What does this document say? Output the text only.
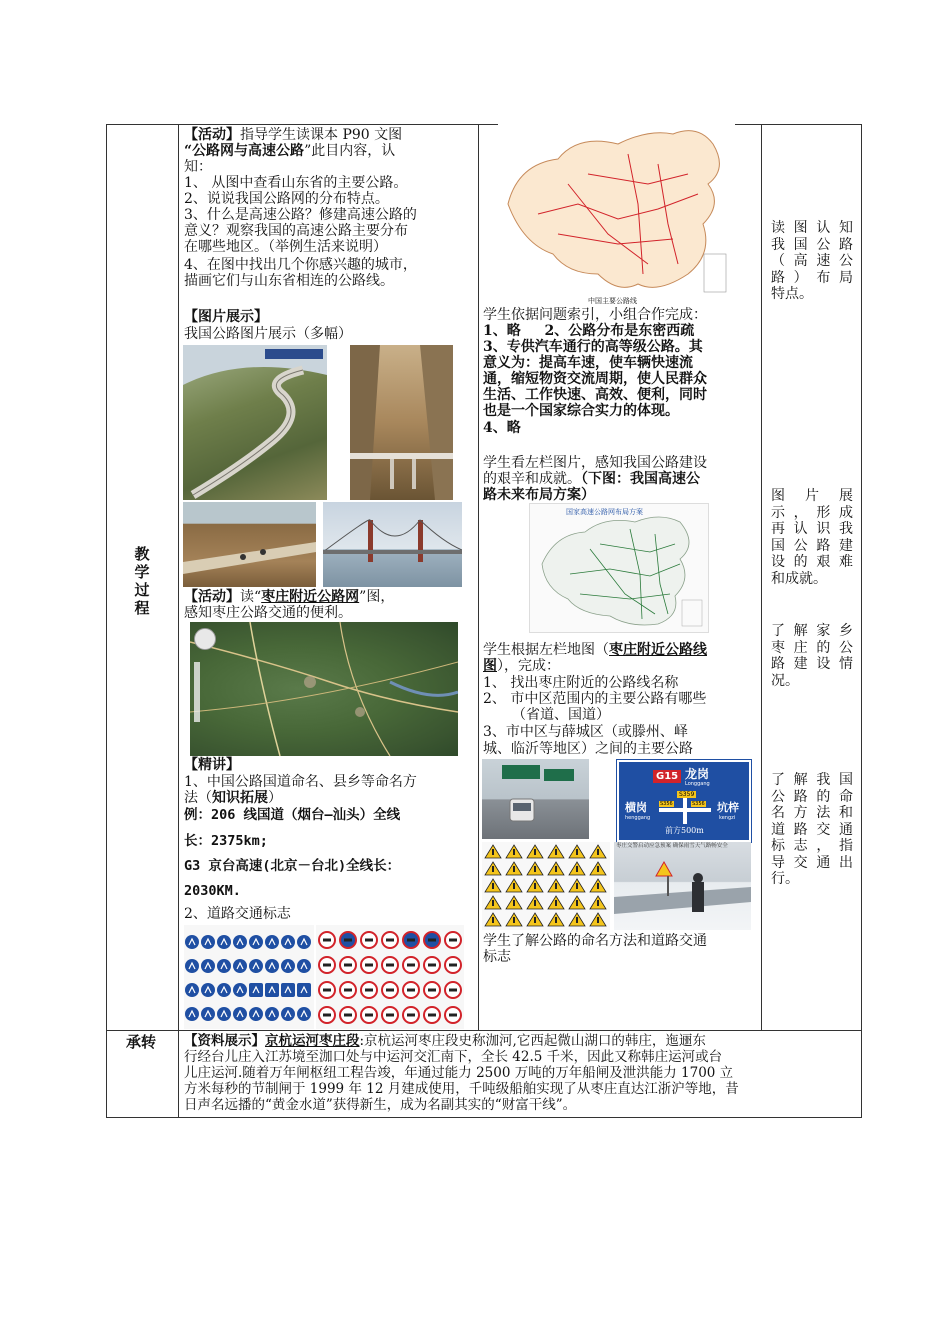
教
学
过
程
承转
【活动】指导学生读课本 P90 文图
“公路网与高速公路”此目内容，认
知：
1、 从图中查看山东省的主要公路。
2、说说我国公路网的分布特点。
3、什么是高速公路？修建高速公路的
意义？观察我国的高速公路主要分布
在哪些地区。（举例生活来说明）
4、在图中找出几个你感兴趣的城市，
描画它们与山东省相连的公路线。
【图片展示】
我国公路图片展示（多幅）
【活动】读“枣庄附近公路网”图，
感知枣庄公路交通的便利。
【精讲】
1、中国公路国道命名、县乡等命名方
法（知识拓展）
例：206 线国道（烟台—汕头）全线
长：2375km;
G3 京台高速(北京－台北)全线长：
2030KM.
2、道路交通标志
中国主要公路线
学生依据问题索引，小组合作完成：
1、略 　 2、公路分布是东密西疏
3、专供汽车通行的高等级公路。其
意义为：提高车速，使车辆快速流
通，缩短物资交流周期，使人民群众
生活、工作快速、高效、便利，同时
也是一个国家综合实力的体现。
4、略
学生看左栏图片，感知我国公路建设
的艰辛和成就。（下图：我国高速公
路未来布局方案）
国家高速公路网布局方案
学生根据左栏地图（枣庄附近公路线
图），完成：
1、 找出枣庄附近的公路线名称
2、 市中区范围内的主要公路有哪些
（省道、国道）
3、市中区与薛城区（或滕州、峄
城、临沂等地区）之间的主要公路
G15 龙岗
Longgang
S359
横岗
henggang
S356	S356 坑梓
kengzi
前方500m
枣庄交警启动应急预案 确保雨雪天气路畅安全
学生了解公路的命名方法和道路交通
标志
读 图 认 知
我 国 公 路
（ 高 速 公
路 ） 布 局
特点。
图 片 展
示 ， 形 成
再 认 识 我
国 公 路 建
设 的 艰 难
和成就。
了 解 家 乡
枣 庄 的 公
路 建 设 情
况。
了 解 我 国
公 路 的 命
名 方 法 和
道 路 交 通
标 志 ， 指
导 交 通 出
行。
【资料展示】京杭运河枣庄段:京杭运河枣庄段史称泇河,它西起微山湖口的韩庄，迤逦东
行经台儿庄入江苏境至泇口处与中运河交汇南下，全长 42.5 千米，因此又称韩庄运河或台
儿庄运河.随着万年闸枢纽工程告竣，年通过能力 2500 万吨的万年船闸及泄洪能力 1700 立
方米每秒的节制闸于 1999 年 12 月建成使用，千吨级船舶实现了从枣庄直达江浙沪等地，昔
日声名远播的“黄金水道”获得新生，成为名副其实的“财富干线”。
